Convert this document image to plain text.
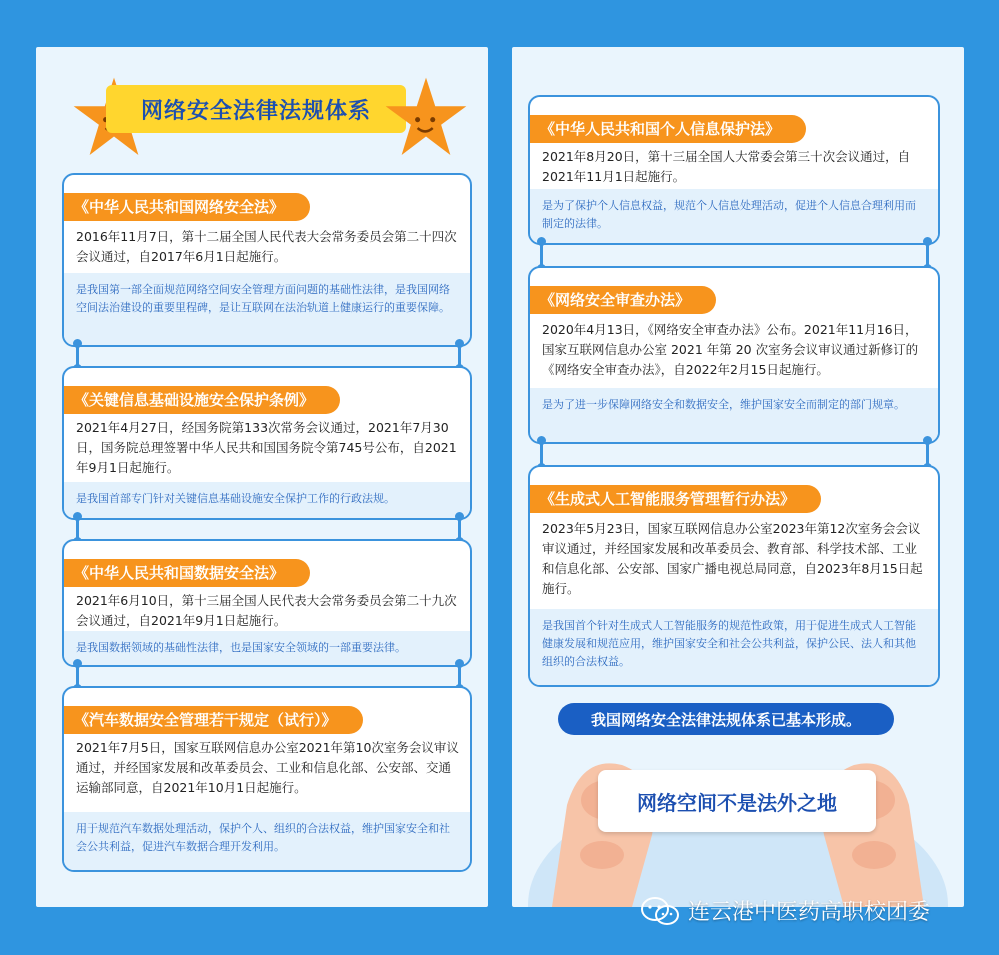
网络安全法律法规体系
《中华人民共和国网络安全法》
2016年11月7日，第十二届全国人民代表大会常务委员会第二十四次会议通过，自2017年6月1日起施行。
是我国第一部全面规范网络空间安全管理方面问题的基础性法律，是我国网络空间法治建设的重要里程碑，是让互联网在法治轨道上健康运行的重要保障。
《关键信息基础设施安全保护条例》
2021年4月27日，经国务院第133次常务会议通过，2021年7月30日，国务院总理签署中华人民共和国国务院令第745号公布，自2021年9月1日起施行。
是我国首部专门针对关键信息基础设施安全保护工作的行政法规。
《中华人民共和国数据安全法》
2021年6月10日，第十三届全国人民代表大会常务委员会第二十九次会议通过，自2021年9月1日起施行。
是我国数据领域的基础性法律，也是国家安全领域的一部重要法律。
《汽车数据安全管理若干规定（试行）》
2021年7月5日，国家互联网信息办公室2021年第10次室务会议审议通过，并经国家发展和改革委员会、工业和信息化部、公安部、交通运输部同意，自2021年10月1日起施行。
用于规范汽车数据处理活动，保护个人、组织的合法权益，维护国家安全和社会公共利益，促进汽车数据合理开发利用。
《中华人民共和国个人信息保护法》
2021年8月20日，第十三届全国人大常委会第三十次会议通过，自2021年11月1日起施行。
是为了保护个人信息权益，规范个人信息处理活动，促进个人信息合理利用而制定的法律。
《网络安全审查办法》
2020年4月13日，《网络安全审查办法》公布。2021年11月16日，国家互联网信息办公室 2021 年第 20 次室务会议审议通过新修订的《网络安全审查办法》，自2022年2月15日起施行。
是为了进一步保障网络安全和数据安全，维护国家安全而制定的部门规章。
《生成式人工智能服务管理暂行办法》
2023年5月23日，国家互联网信息办公室2023年第12次室务会会议审议通过，并经国家发展和改革委员会、教育部、科学技术部、工业和信息化部、公安部、国家广播电视总局同意，自2023年8月15日起施行。
是我国首个针对生成式人工智能服务的规范性政策，用于促进生成式人工智能健康发展和规范应用，维护国家安全和社会公共利益，保护公民、法人和其他组织的合法权益。
我国网络安全法律法规体系已基本形成。
网络空间不是法外之地
连云港中医药高职校团委
